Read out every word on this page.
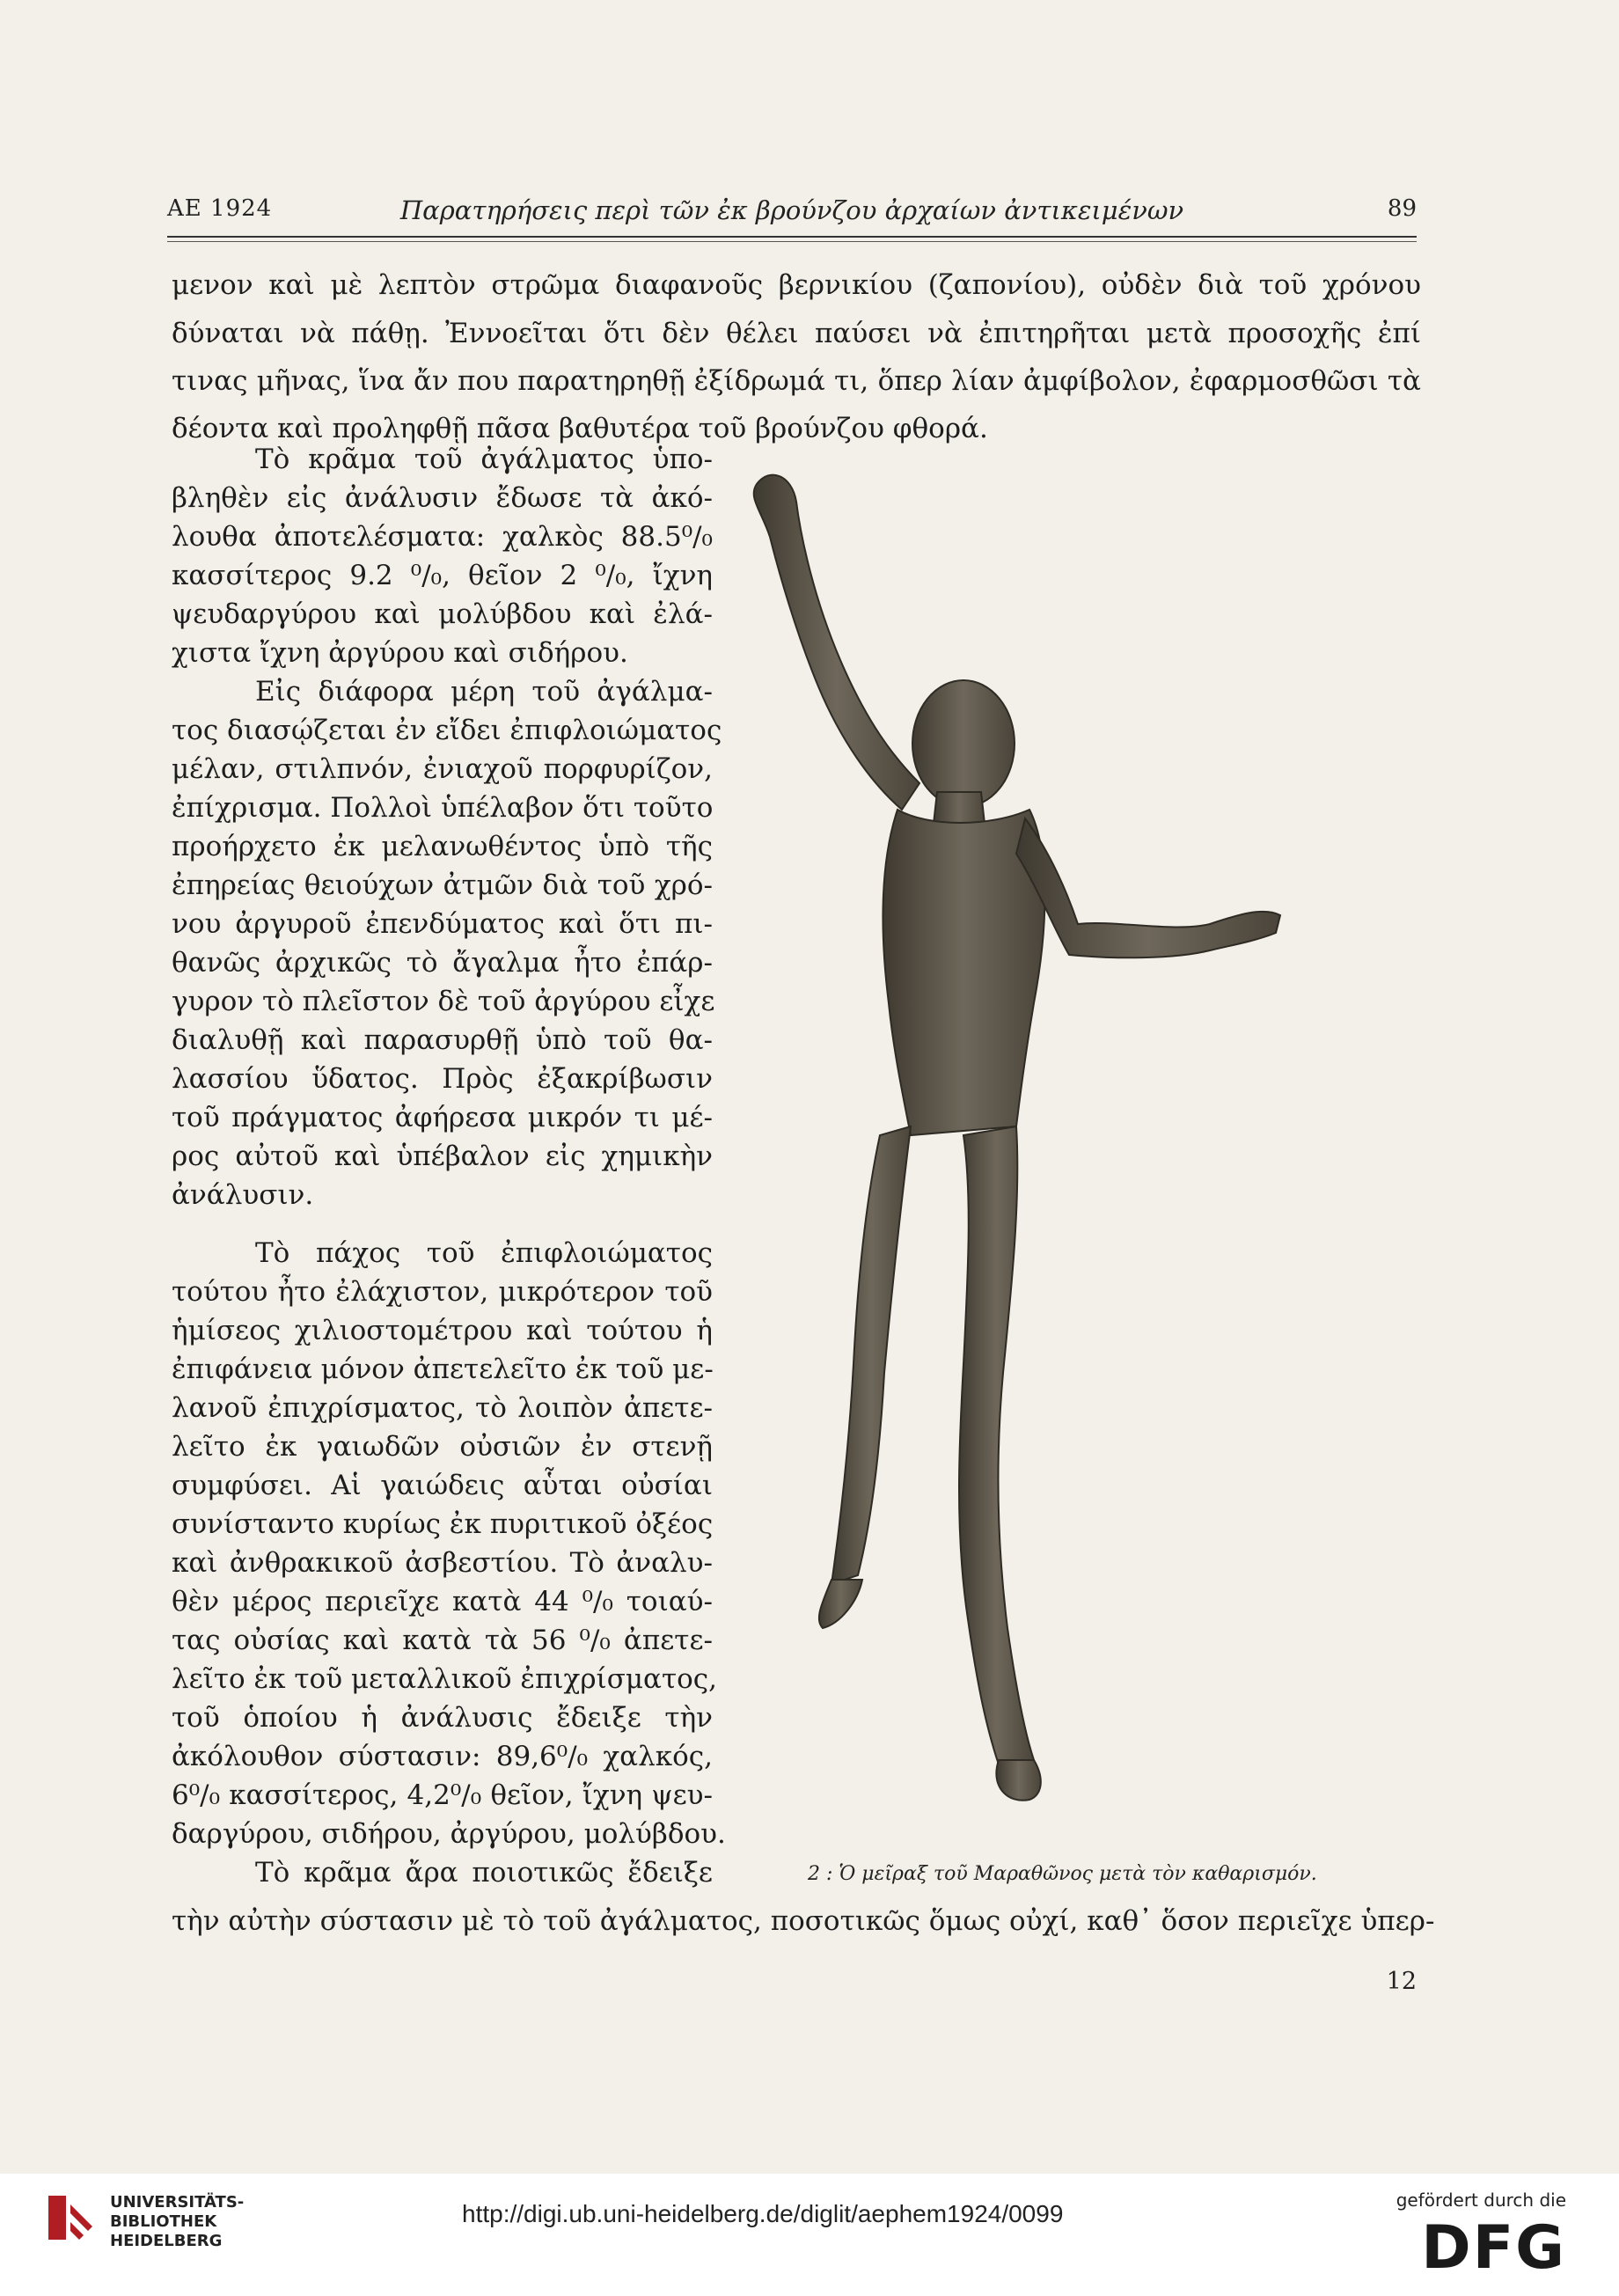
ΑΕ 1924	Παρατηρήσεις περὶ τῶν ἐκ βρούνζου ἀρχαίων ἀντικειμένων	89
μενον καὶ μὲ λεπτὸν στρῶμα διαφανοῦς βερνικίου (ζαπονίου), οὐδὲν διὰ τοῦ χρόνου
δύναται νὰ πάθῃ. Ἐννοεῖται ὅτι δὲν θέλει παύσει νὰ ἐπιτηρῆται μετὰ προσοχῆς ἐπί
τινας μῆνας, ἵνα ἄν που παρατηρηθῇ ἐξίδρωμά τι, ὅπερ λίαν ἀμφίβολον, ἐφαρμοσθῶσι τὰ
δέοντα καὶ προληφθῇ πᾶσα βαθυτέρα τοῦ βρούνζου φθορά.
Τὸ κρᾶμα τοῦ ἀγάλματος ὑπο-
βληθὲν εἰς ἀνάλυσιν ἔδωσε τὰ ἀκό-
λουθα ἀποτελέσματα: χαλκὸς 88.5⁰/₀
κασσίτερος 9.2 ⁰/₀, θεῖον 2 ⁰/₀, ἴχνη
ψευδαργύρου καὶ μολύβδου καὶ ἐλά-
χιστα ἴχνη ἀργύρου καὶ σιδήρου.
Εἰς διάφορα μέρη τοῦ ἀγάλμα-
τος διασῴζεται ἐν εἴδει ἐπιφλοιώματος
μέλαν, στιλπνόν, ἐνιαχοῦ πορφυρίζον,
ἐπίχρισμα. Πολλοὶ ὑπέλαβον ὅτι τοῦτο
προήρχετο ἐκ μελανωθέντος ὑπὸ τῆς
ἐπηρείας θειούχων ἀτμῶν διὰ τοῦ χρό-
νου ἀργυροῦ ἐπενδύματος καὶ ὅτι πι-
θανῶς ἀρχικῶς τὸ ἄγαλμα ἦτο ἐπάρ-
γυρον τὸ πλεῖστον δὲ τοῦ ἀργύρου εἶχε
διαλυθῇ καὶ παρασυρθῇ ὑπὸ τοῦ θα-
λασσίου ὕδατος. Πρὸς ἐξακρίβωσιν
τοῦ πράγματος ἀφήρεσα μικρόν τι μέ-
ρος αὐτοῦ καὶ ὑπέβαλον εἰς χημικὴν
ἀνάλυσιν.
Τὸ πάχος τοῦ ἐπιφλοιώματος
τούτου ἦτο ἐλάχιστον, μικρότερον τοῦ
ἡμίσεος χιλιοστομέτρου καὶ τούτου ἡ
ἐπιφάνεια μόνον ἀπετελεῖτο ἐκ τοῦ με-
λανοῦ ἐπιχρίσματος, τὸ λοιπὸν ἀπετε-
λεῖτο ἐκ γαιωδῶν οὐσιῶν ἐν στενῇ
συμφύσει. Αἱ γαιώδεις αὗται οὐσίαι
συνίσταντο κυρίως ἐκ πυριτικοῦ ὀξέος
καὶ ἀνθρακικοῦ ἀσβεστίου. Τὸ ἀναλυ-
θὲν μέρος περιεῖχε κατὰ 44 ⁰/₀ τοιαύ-
τας οὐσίας καὶ κατὰ τὰ 56 ⁰/₀ ἀπετε-
λεῖτο ἐκ τοῦ μεταλλικοῦ ἐπιχρίσματος,
τοῦ ὁποίου ἡ ἀνάλυσις ἔδειξε τὴν
ἀκόλουθον σύστασιν: 89,6⁰/₀ χαλκός,
6⁰/₀ κασσίτερος, 4,2⁰/₀ θεῖον, ἴχνη ψευ-
δαργύρου, σιδήρου, ἀργύρου, μολύβδου.
Τὸ κρᾶμα ἄρα ποιοτικῶς ἔδειξε
τὴν αὐτὴν σύστασιν μὲ τὸ τοῦ ἀγάλματος, ποσοτικῶς ὅμως οὐχί, καθ᾽ ὅσον περιεῖχε ὑπερ-
12
2 : Ὁ μεῖραξ τοῦ Μαραθῶνος μετὰ τὸν καθαρισμόν.
UNIVERSITÄTS-
BIBLIOTHEK
HEIDELBERG
http://digi.ub.uni-heidelberg.de/diglit/aephem1924/0099	gefördert durch die
DFG
